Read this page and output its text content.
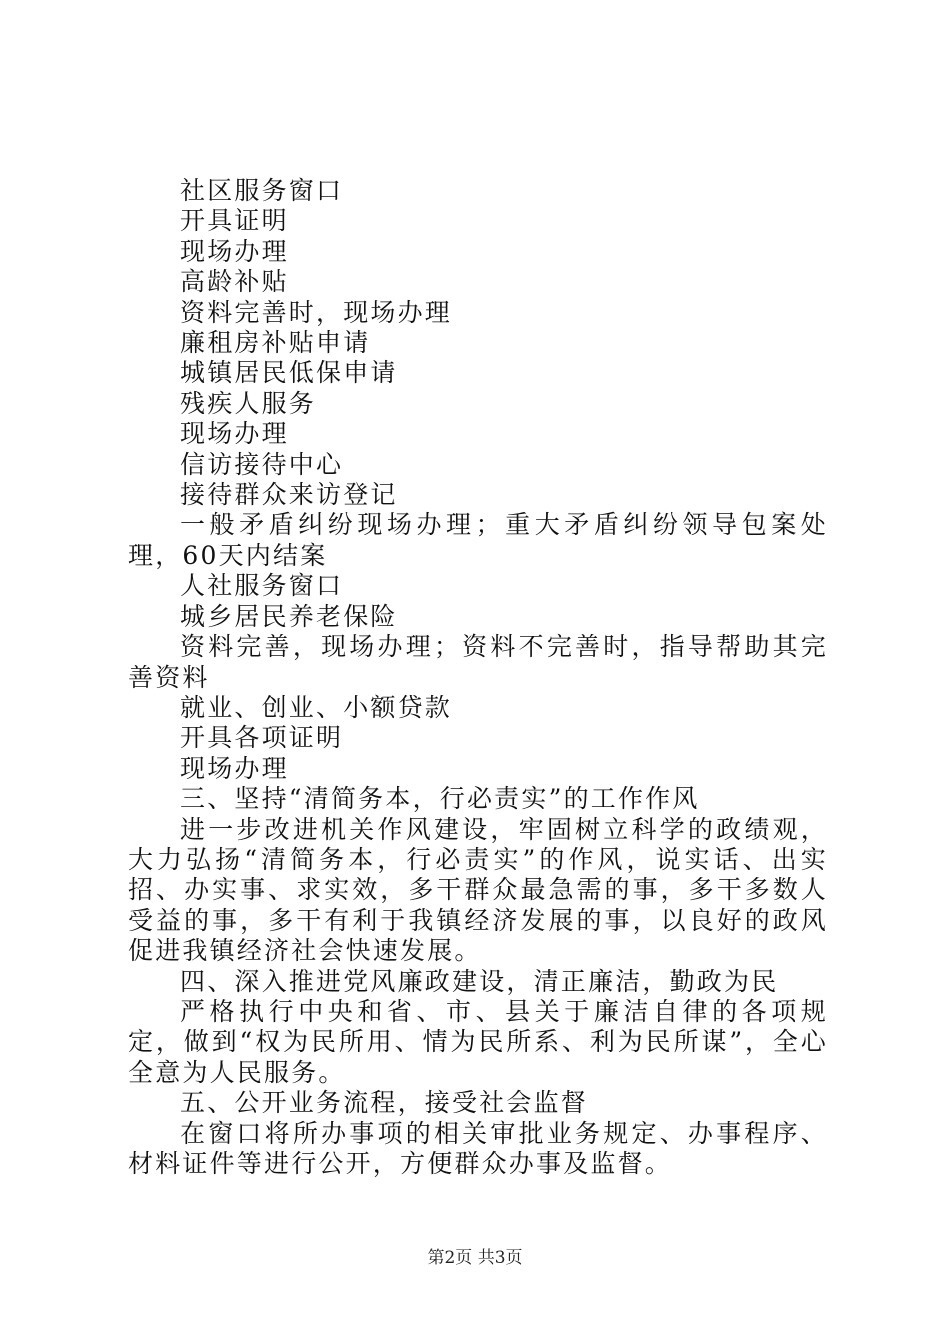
社区服务窗口

开具证明

现场办理

高龄补贴

资料完善时，现场办理

廉租房补贴申请

城镇居民低保申请

残疾人服务

现场办理

信访接待中心

接待群众来访登记

一般矛盾纠纷现场办理；重大矛盾纠纷领导包案处理，60天内结案

人社服务窗口

城乡居民养老保险

资料完善，现场办理；资料不完善时，指导帮助其完善资料

就业、创业、小额贷款

开具各项证明

现场办理

三、坚持“清简务本，行必责实”的工作作风

进一步改进机关作风建设，牢固树立科学的政绩观，大力弘扬“清简务本，行必责实”的作风，说实话、出实招、办实事、求实效，多干群众最急需的事，多干多数人受益的事，多干有利于我镇经济发展的事，以良好的政风促进我镇经济社会快速发展。

四、深入推进党风廉政建设，清正廉洁，勤政为民

严格执行中央和省、市、县关于廉洁自律的各项规定，做到“权为民所用、情为民所系、利为民所谋”，全心全意为人民服务。

五、公开业务流程，接受社会监督

在窗口将所办事项的相关审批业务规定、办事程序、材料证件等进行公开，方便群众办事及监督。

第2页 共3页
